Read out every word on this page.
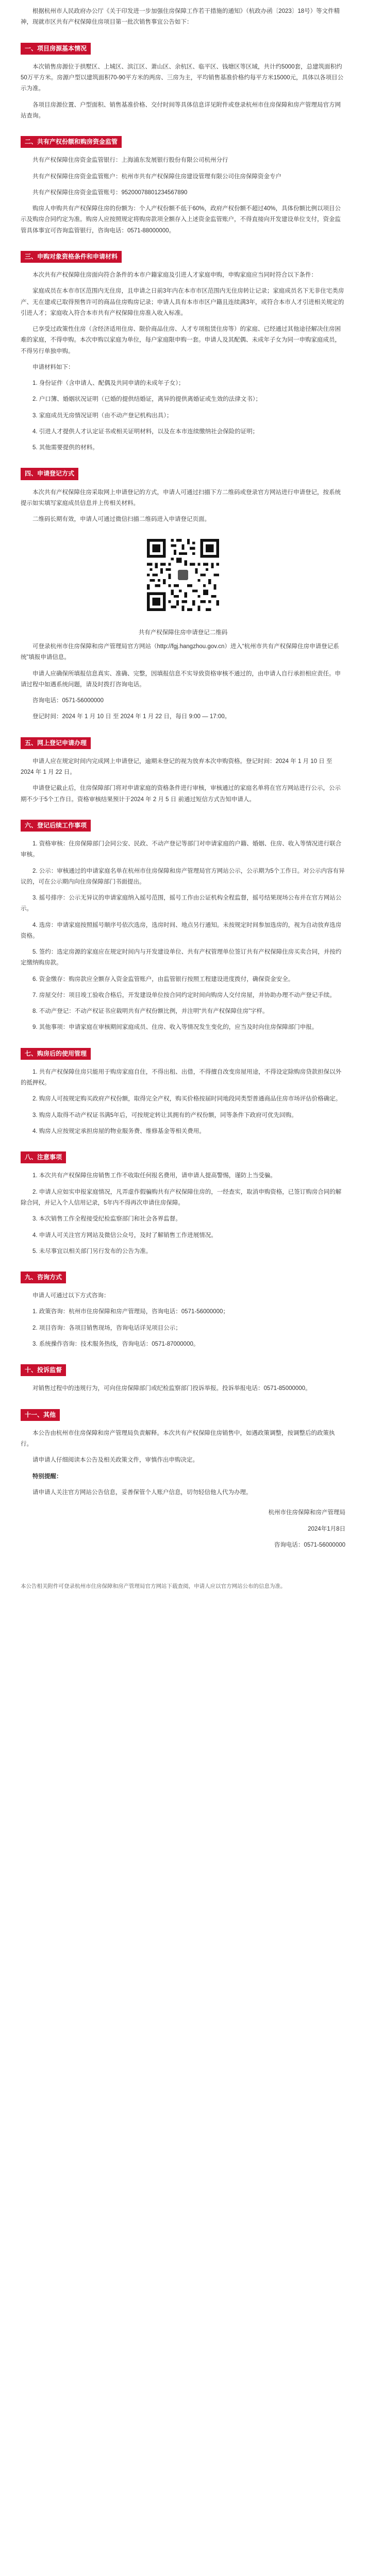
根据杭州市人民政府办公厅《关于印发进一步加强住房保障工作若干措施的通知》（杭政办函〔2023〕18号）等文件精神，现就市区共有产权保障住房项目第一批次销售事宜公告如下：

一、项目房源基本情况

本次销售房源位于拱墅区、上城区、滨江区、萧山区、余杭区、临平区、钱塘区等区域，共计约5000套，总建筑面积约50万平方米。房源户型以建筑面积70-90平方米的两房、三房为主，平均销售基准价格约每平方米15000元，具体以各项目公示为准。

各项目房源位置、户型面积、销售基准价格、交付时间等具体信息详见附件或登录杭州市住房保障和房产管理局官方网站查询。

二、共有产权份额和购房资金监管

共有产权保障住房资金监管银行：上海浦东发展银行股份有限公司杭州分行

共有产权保障住房资金监管账户：杭州市共有产权保障住房建设管理有限公司住房保障资金专户

共有产权保障住房资金监管账号：95200078801234567890

购房人申购共有产权保障住房的份额为：个人产权份额不低于60%，政府产权份额不超过40%，具体份额比例以项目公示及购房合同约定为准。购房人应按照规定将购房款项全额存入上述资金监管账户，不得直接向开发建设单位支付，资金监管具体事宜可咨询监管银行，咨询电话：0571-88000000。

三、申购对象资格条件和申请材料

本次共有产权保障住房面向符合条件的本市户籍家庭及引进人才家庭申购，申购家庭应当同时符合以下条件：

家庭成员在本市市区范围内无住房，且申请之日前3年内在本市市区范围内无住房转让记录；家庭成员名下无非住宅类房产、无在建或已取得预售许可的商品住房购房记录；申请人具有本市市区户籍且连续满3年，或符合本市人才引进相关规定的引进人才；家庭收入符合本市共有产权保障住房准入收入标准。

已享受过政策性住房（含经济适用住房、限价商品住房、人才专项租赁住房等）的家庭、已经通过其他途径解决住房困难的家庭，不得申购。本次申购以家庭为单位，每户家庭限申购一套。申请人及其配偶、未成年子女为同一申购家庭成员，不得另行单独申购。

申请材料如下：

1. 身份证件（含申请人、配偶及共同申请的未成年子女）；

2. 户口簿、婚姻状况证明（已婚的提供结婚证，离异的提供离婚证或生效的法律文书）；

3. 家庭成员无房情况证明（由不动产登记机构出具）；

4. 引进人才提供人才认定证书或相关证明材料，以及在本市连续缴纳社会保险的证明；

5. 其他需要提供的材料。

四、申请登记方式

本次共有产权保障住房采取网上申请登记的方式，申请人可通过扫描下方二维码或登录官方网站进行申请登记，按系统提示如实填写家庭成员信息并上传相关材料。

二维码长期有效，申请人可通过微信扫描二维码进入申请登记页面。

共有产权保障住房申请登记二维码

可登录杭州市住房保障和房产管理局官方网站（http://fgj.hangzhou.gov.cn）进入“杭州市共有产权保障住房申请登记系统”填报申请信息。

申请人应确保所填报信息真实、准确、完整，因填报信息不实导致资格审核不通过的，由申请人自行承担相应责任。申请过程中如遇系统问题，请及时拨打咨询电话。

咨询电话：0571-56000000

登记时间：2024 年 1 月 10 日 至 2024 年 1 月 22 日，每日 9:00 — 17:00。

五、网上登记申请办理

申请人应在规定时间内完成网上申请登记，逾期未登记的视为放弃本次申购资格。登记时间：2024 年 1 月 10 日 至 2024 年 1 月 22 日。

申请登记截止后，住房保障部门将对申请家庭的资格条件进行审核，审核通过的家庭名单将在官方网站进行公示，公示期不少于5个工作日。资格审核结果预计于2024 年 2 月 5 日 前通过短信方式告知申请人。

六、登记后续工作事项

1. 资格审核：住房保障部门会同公安、民政、不动产登记等部门对申请家庭的户籍、婚姻、住房、收入等情况进行联合审核。

2. 公示：审核通过的申请家庭名单在杭州市住房保障和房产管理局官方网站公示，公示期为5个工作日。对公示内容有异议的，可在公示期内向住房保障部门书面提出。

3. 摇号排序：公示无异议的申请家庭纳入摇号范围，摇号工作由公证机构全程监督，摇号结果现场公布并在官方网站公示。

4. 选房：申请家庭按照摇号顺序号依次选房，选房时间、地点另行通知。未按规定时间参加选房的，视为自动放弃选房资格。

5. 签约：选定房源的家庭应在规定时间内与开发建设单位、共有产权管理单位签订共有产权保障住房买卖合同，并按约定缴纳购房款。

6. 资金缴存：购房款应全额存入资金监管账户，由监管银行按照工程建设进度拨付，确保资金安全。

7. 房屋交付：项目竣工验收合格后，开发建设单位按合同约定时间向购房人交付房屋，并协助办理不动产登记手续。

8. 不动产登记：不动产权证书应载明共有产权份额比例，并注明“共有产权保障住房”字样。

9. 其他事项：申请家庭在审核期间家庭成员、住房、收入等情况发生变化的，应当及时向住房保障部门申报。

七、购房后的使用管理

1. 共有产权保障住房只能用于购房家庭自住，不得出租、出借，不得擅自改变房屋用途，不得设定除购房贷款担保以外的抵押权。

2. 购房人可按规定购买政府产权份额，取得完全产权，购买价格按届时同地段同类型普通商品住房市场评估价格确定。

3. 购房人取得不动产权证书满5年后，可按规定转让其拥有的产权份额，同等条件下政府可优先回购。

4. 购房人应按规定承担房屋的物业服务费、维修基金等相关费用。

八、注意事项

1. 本次共有产权保障住房销售工作不收取任何报名费用，请申请人提高警惕，谨防上当受骗。

2. 申请人应如实申报家庭情况，凡弄虚作假骗购共有产权保障住房的，一经查实，取消申购资格，已签订购房合同的解除合同，并记入个人信用记录，5年内不得再次申请住房保障。

3. 本次销售工作全程接受纪检监察部门和社会各界监督。

4. 申请人可关注官方网站及微信公众号，及时了解销售工作进展情况。

5. 未尽事宜以相关部门另行发布的公告为准。

九、咨询方式

申请人可通过以下方式咨询：

1. 政策咨询：杭州市住房保障和房产管理局，咨询电话：0571-56000000；

2. 项目咨询：各项目销售现场，咨询电话详见项目公示；

3. 系统操作咨询：技术服务热线，咨询电话：0571-87000000。

十、投诉监督

对销售过程中的违规行为，可向住房保障部门或纪检监察部门投诉举报。投诉举报电话：0571-85000000。

十一、其他

本公告由杭州市住房保障和房产管理局负责解释。本次共有产权保障住房销售中，如遇政策调整，按调整后的政策执行。

请申请人仔细阅读本公告及相关政策文件，审慎作出申购决定。

特别提醒：

请申请人关注官方网站公告信息，妥善保管个人账户信息，切勿轻信他人代为办理。

杭州市住房保障和房产管理局

2024年1月8日

咨询电话：0571-56000000

本公告相关附件可登录杭州市住房保障和房产管理局官方网站下载查阅，申请人应以官方网站公布的信息为准。
